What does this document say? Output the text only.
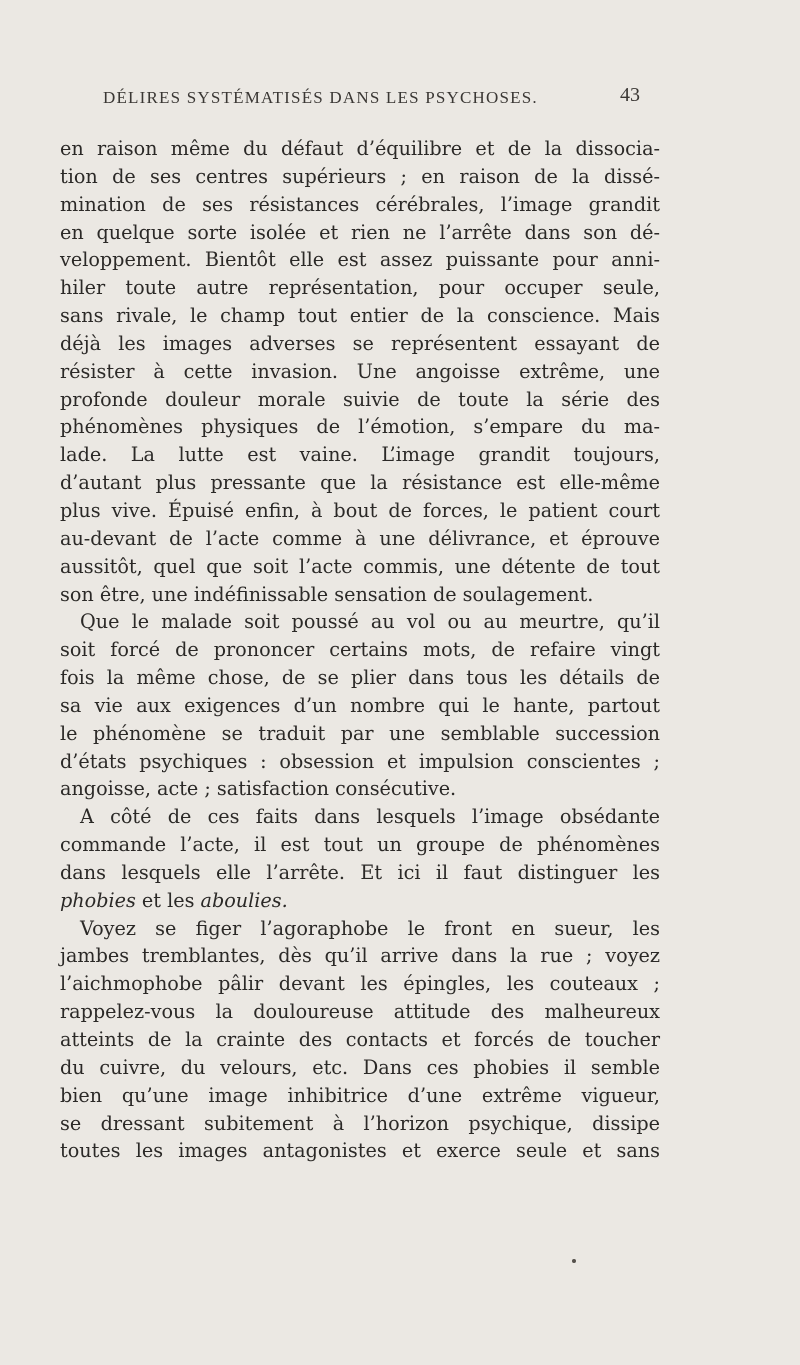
DÉLIRES SYSTÉMATISÉS DANS LES PSYCHOSES.	43
en raison même du défaut d’équilibre et de la dissocia-
tion de ses centres supérieurs ; en raison de la dissé-
mination de ses résistances cérébrales, l’image grandit
en quelque sorte isolée et rien ne l’arrête dans son dé-
veloppement. Bientôt elle est assez puissante pour anni-
hiler toute autre représentation, pour occuper seule,
sans rivale, le champ tout entier de la conscience. Mais
déjà les images adverses se représentent essayant de
résister à cette invasion. Une angoisse extrême, une
profonde douleur morale suivie de toute la série des
phénomènes physiques de l’émotion, s’empare du ma-
lade. La lutte est vaine. L’image grandit toujours,
d’autant plus pressante que la résistance est elle-même
plus vive. Épuisé enfin, à bout de forces, le patient court
au-devant de l’acte comme à une délivrance, et éprouve
aussitôt, quel que soit l’acte commis, une détente de tout
son être, une indéfinissable sensation de soulagement.
Que le malade soit poussé au vol ou au meurtre, qu’il
soit forcé de prononcer certains mots, de refaire vingt
fois la même chose, de se plier dans tous les détails de
sa vie aux exigences d’un nombre qui le hante, partout
le phénomène se traduit par une semblable succession
d’états psychiques : obsession et impulsion conscientes ;
angoisse, acte ; satisfaction consécutive.
A côté de ces faits dans lesquels l’image obsédante
commande l’acte, il est tout un groupe de phénomènes
dans lesquels elle l’arrête. Et ici il faut distinguer les
phobies et les aboulies.
Voyez se figer l’agoraphobe le front en sueur, les
jambes tremblantes, dès qu’il arrive dans la rue ; voyez
l’aichmophobe pâlir devant les épingles, les couteaux ;
rappelez-vous la douloureuse attitude des malheureux
atteints de la crainte des contacts et forcés de toucher
du cuivre, du velours, etc. Dans ces phobies il semble
bien qu’une image inhibitrice d’une extrême vigueur,
se dressant subitement à l’horizon psychique, dissipe
toutes les images antagonistes et exerce seule et sans
